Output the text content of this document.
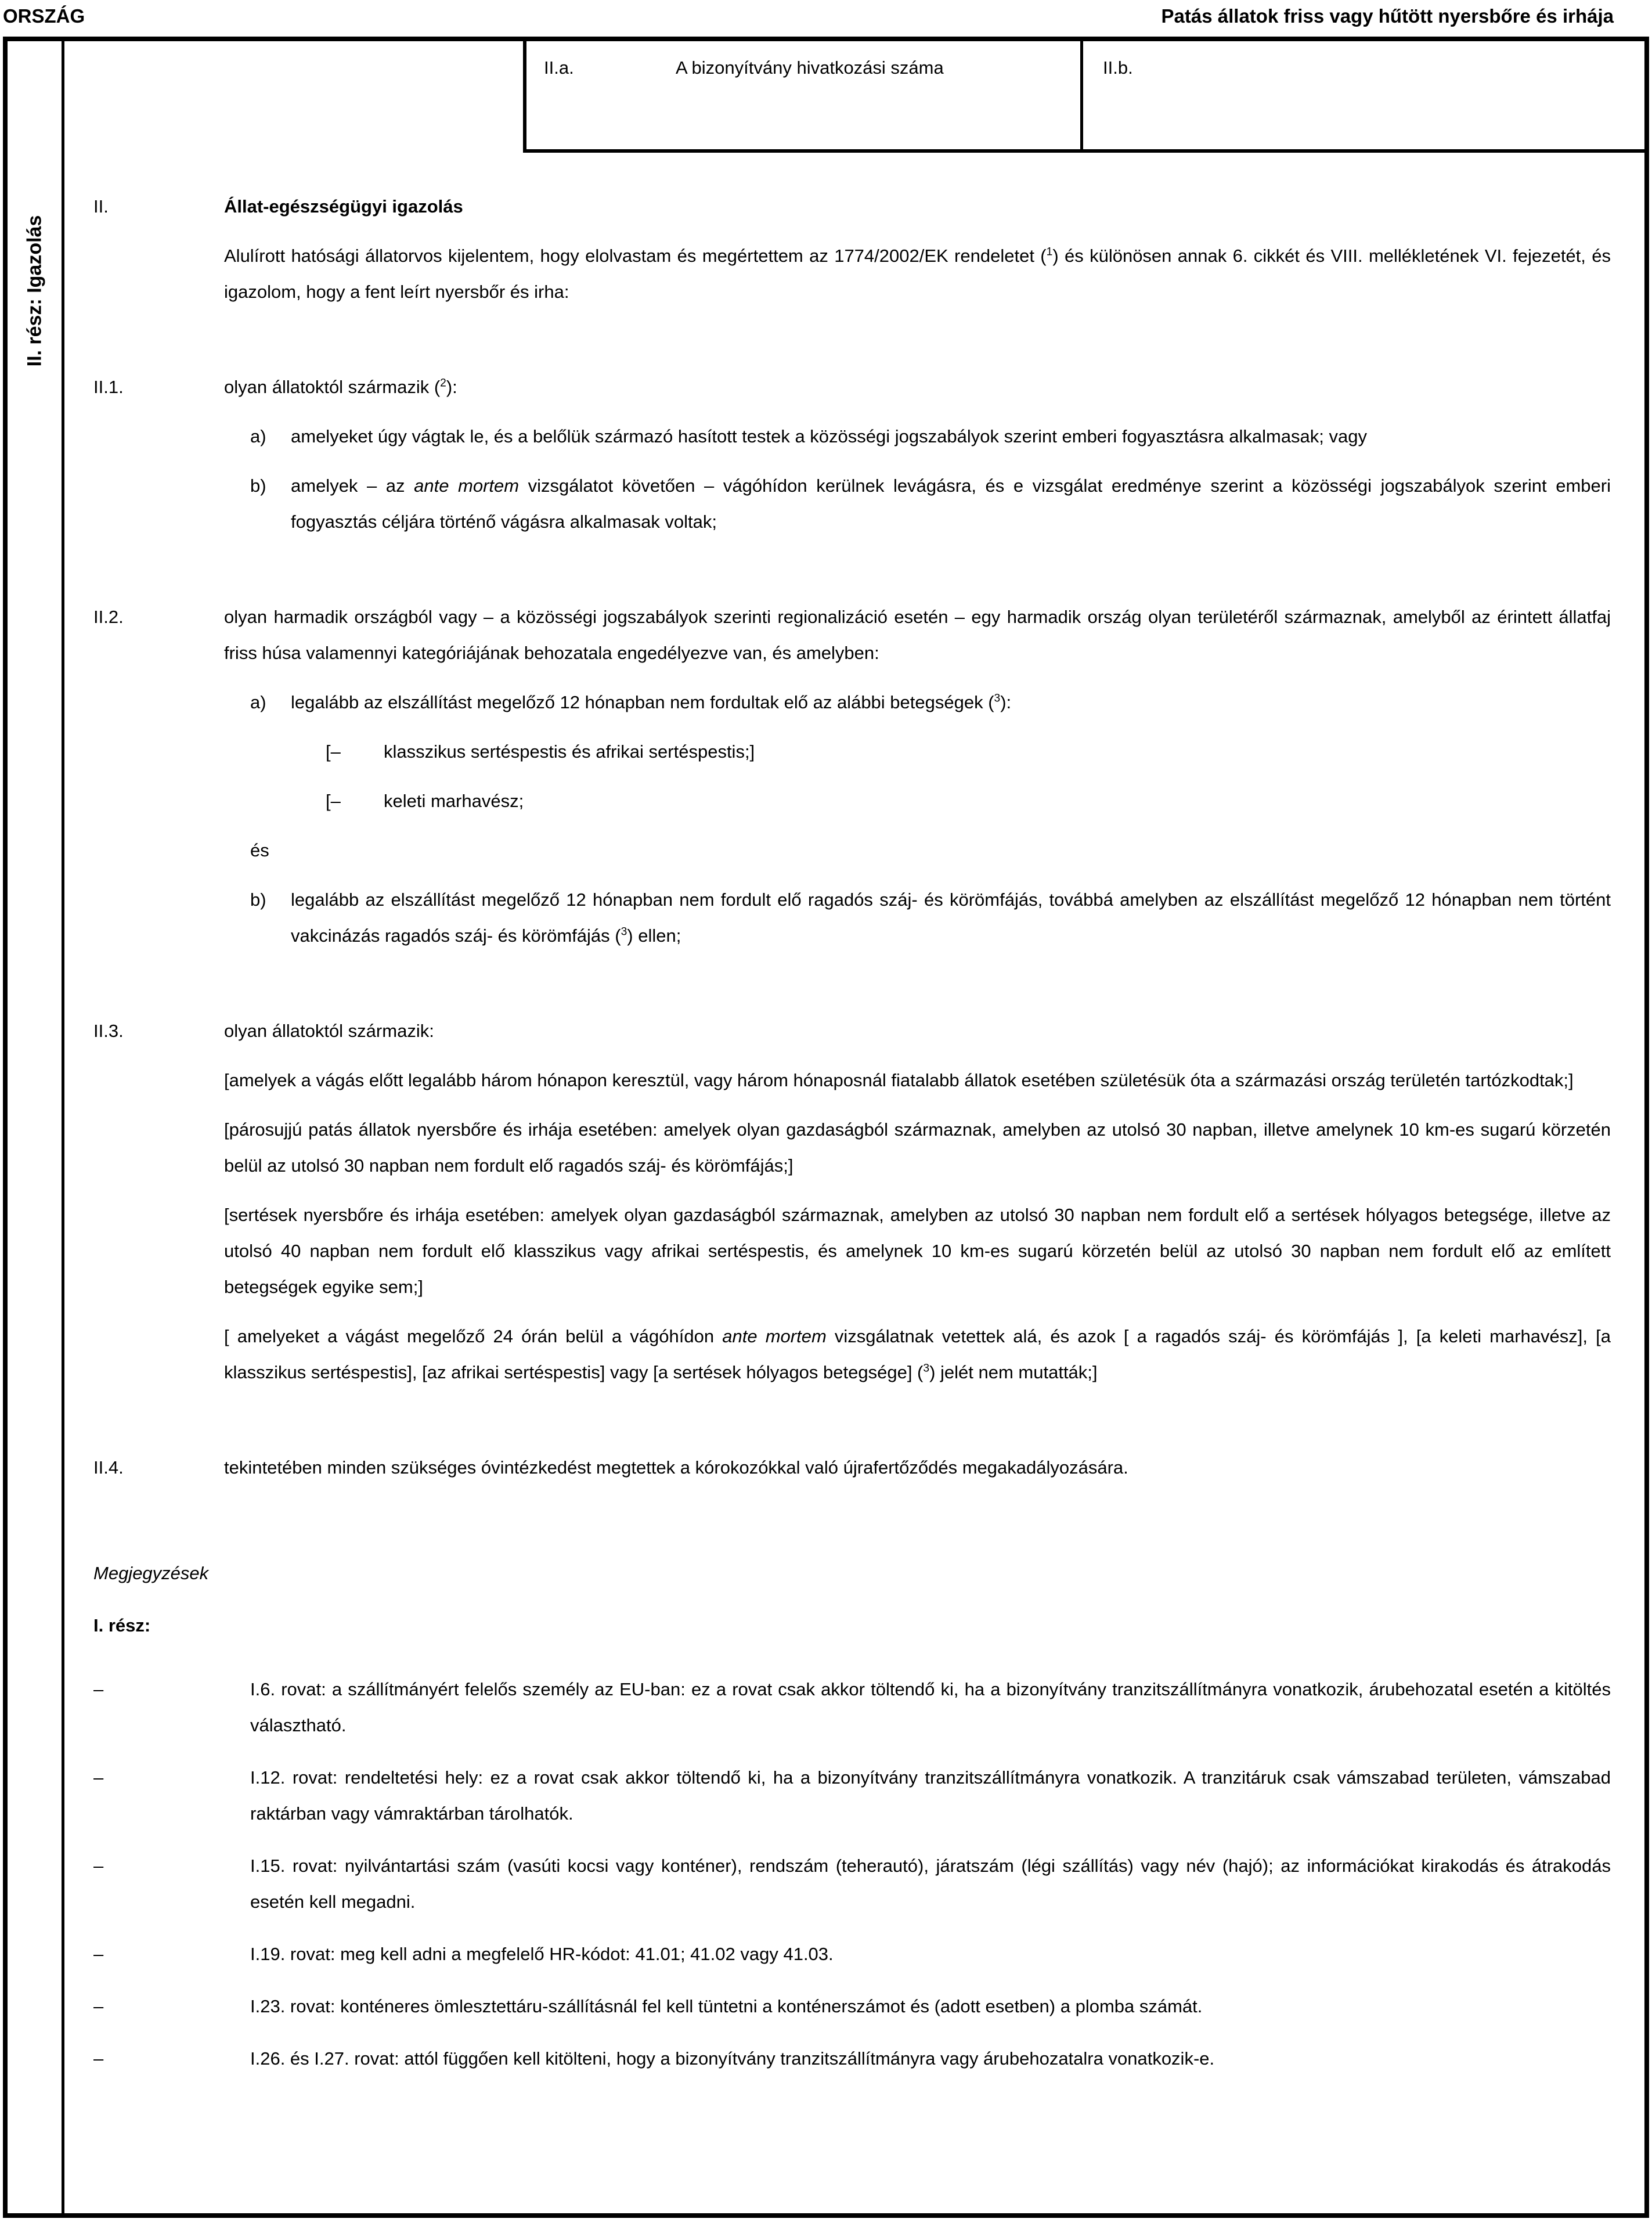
ORSZÁG	Patás állatok friss vagy hűtött nyersbőre és irhája
II. rész: Igazolás
II.a.	A bizonyítvány hivatkozási száma	II.b.
II.	Állat-egészségügyi igazolás
Alulírott hatósági állatorvos kijelentem, hogy elolvastam és megértettem az 1774/2002/EK rendeletet ($^1$) és különösen annak 6. cikkét és VIII. mellékletének VI. fejezetét, és igazolom, hogy a fent leírt nyersbőr és irha:
II.1.	olyan állatoktól származik ($^2$):
a)	amelyeket úgy vágtak le, és a belőlük származó hasított testek a közösségi jogszabályok szerint emberi fogyasztásra alkalmasak; vagy
b)	amelyek – az ante mortem vizsgálatot követően – vágóhídon kerülnek levágásra, és e vizsgálat eredménye szerint a közösségi jogszabályok szerint emberi fogyasztás céljára történő vágásra alkalmasak voltak;
II.2.	olyan harmadik országból vagy – a közösségi jogszabályok szerinti regionalizáció esetén – egy harmadik ország olyan területéről származnak, amelyből az érintett állatfaj friss húsa valamennyi kategóriájának behozatala engedélyezve van, és amelyben:
a)	legalább az elszállítást megelőző 12 hónapban nem fordultak elő az alábbi betegségek ($^3$):
[–	klasszikus sertéspestis és afrikai sertéspestis;]
[–	keleti marhavész;
és
b)	legalább az elszállítást megelőző 12 hónapban nem fordult elő ragadós száj- és körömfájás, továbbá amelyben az elszállítást megelőző 12 hónapban nem történt vakcinázás ragadós száj- és körömfájás ($^3$) ellen;
II.3.	olyan állatoktól származik:
[amelyek a vágás előtt legalább három hónapon keresztül, vagy három hónaposnál fiatalabb állatok esetében születésük óta a származási ország területén tartózkodtak;]
[párosujjú patás állatok nyersbőre és irhája esetében: amelyek olyan gazdaságból származnak, amelyben az utolsó 30 napban, illetve amelynek 10 km-es sugarú körzetén belül az utolsó 30 napban nem fordult elő ragadós száj- és körömfájás;]
[sertések nyersbőre és irhája esetében: amelyek olyan gazdaságból származnak, amelyben az utolsó 30 napban nem fordult elő a sertések hólyagos betegsége, illetve az utolsó 40 napban nem fordult elő klasszikus vagy afrikai sertéspestis, és amelynek 10 km-es sugarú körzetén belül az utolsó 30 napban nem fordult elő az említett betegségek egyike sem;]
[ amelyeket a vágást megelőző 24 órán belül a vágóhídon ante mortem vizsgálatnak vetettek alá, és azok [ a ragadós száj- és körömfájás ], [a keleti marhavész], [a klasszikus sertéspestis], [az afrikai sertéspestis] vagy [a sertések hólyagos betegsége] ($^3$) jelét nem mutatták;]
II.4.	tekintetében minden szükséges óvintézkedést megtettek a kórokozókkal való újrafertőződés megakadályozására.
Megjegyzések
I. rész:
–	I.6. rovat: a szállítmányért felelős személy az EU-ban: ez a rovat csak akkor töltendő ki, ha a bizonyítvány tranzitszállítmányra vonatkozik, árubehozatal esetén a kitöltés választható.
–	I.12. rovat: rendeltetési hely: ez a rovat csak akkor töltendő ki, ha a bizonyítvány tranzitszállítmányra vonatkozik. A tranzitáruk csak vámszabad területen, vámszabad raktárban vagy vámraktárban tárolhatók.
–	I.15. rovat: nyilvántartási szám (vasúti kocsi vagy konténer), rendszám (teherautó), járatszám (légi szállítás) vagy név (hajó); az információkat kirakodás és átrakodás esetén kell megadni.
–	I.19. rovat: meg kell adni a megfelelő HR-kódot: 41.01; 41.02 vagy 41.03.
–	I.23. rovat: konténeres ömlesztettáru-szállításnál fel kell tüntetni a konténerszámot és (adott esetben) a plomba számát.
–	I.26. és I.27. rovat: attól függően kell kitölteni, hogy a bizonyítvány tranzitszállítmányra vagy árubehozatalra vonatkozik-e.
